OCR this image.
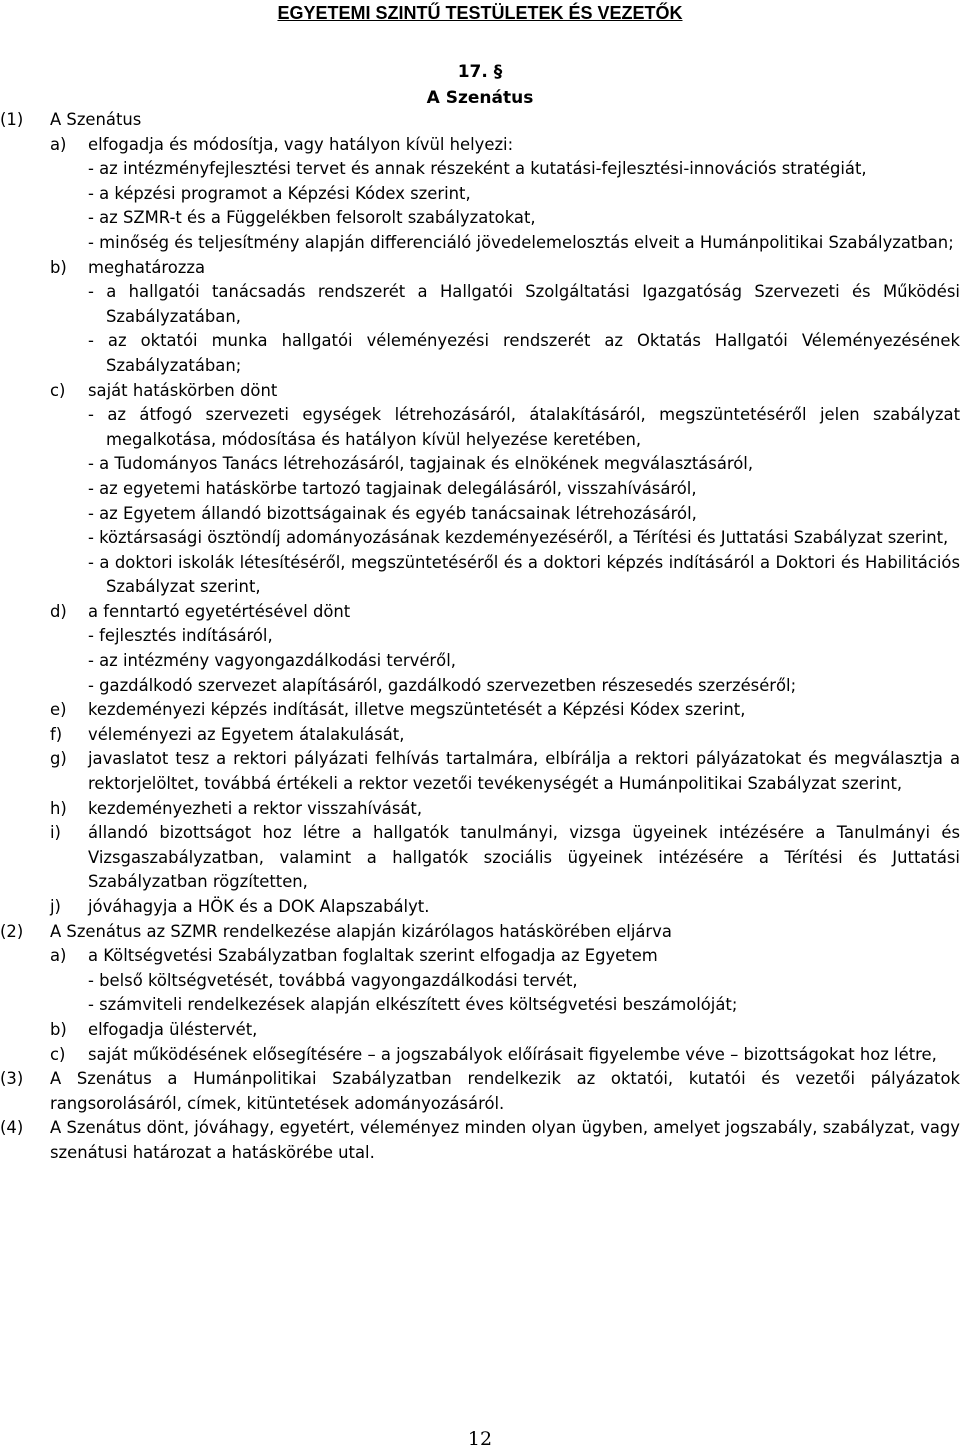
EGYETEMI SZINTŰ TESTÜLETEK ÉS VEZETŐK
17. §
A Szenátus
(1) A Szenátus
a) elfogadja és módosítja, vagy hatályon kívül helyezi:
- az intézményfejlesztési tervet és annak részeként a kutatási-fejlesztési-innovációs stratégiát,
- a képzési programot a Képzési Kódex szerint,
- az SZMR-t és a Függelékben felsorolt szabályzatokat,
- minőség és teljesítmény alapján differenciáló jövedelemelosztás elveit a Humánpolitikai Szabályzatban;
b) meghatározza
- a hallgatói tanácsadás rendszerét a Hallgatói Szolgáltatási Igazgatóság Szervezeti és Működési Szabályzatában,
- az oktatói munka hallgatói véleményezési rendszerét az Oktatás Hallgatói Véleményezésének Szabályzatában;
c) saját hatáskörben dönt
- az átfogó szervezeti egységek létrehozásáról, átalakításáról, megszüntetéséről jelen szabályzat megalkotása, módosítása és hatályon kívül helyezése keretében,
- a Tudományos Tanács létrehozásáról, tagjainak és elnökének megválasztásáról,
- az egyetemi hatáskörbe tartozó tagjainak delegálásáról, visszahívásáról,
- az Egyetem állandó bizottságainak és egyéb tanácsainak létrehozásáról,
- köztársasági ösztöndíj adományozásának kezdeményezéséről, a Térítési és Juttatási Szabályzat szerint,
- a doktori iskolák létesítéséről, megszüntetéséről és a doktori képzés indításáról a Doktori és Habilitációs Szabályzat szerint,
d) a fenntartó egyetértésével dönt
- fejlesztés indításáról,
- az intézmény vagyongazdálkodási tervéről,
- gazdálkodó szervezet alapításáról, gazdálkodó szervezetben részesedés szerzéséről;
e) kezdeményezi képzés indítását, illetve megszüntetését a Képzési Kódex szerint,
f) véleményezi az Egyetem átalakulását,
g) javaslatot tesz a rektori pályázati felhívás tartalmára, elbírálja a rektori pályázatokat és megválasztja a rektorjelöltet, továbbá értékeli a rektor vezetői tevékenységét a Humánpolitikai Szabályzat szerint,
h) kezdeményezheti a rektor visszahívását,
i) állandó bizottságot hoz létre a hallgatók tanulmányi, vizsga ügyeinek intézésére a Tanulmányi és Vizsgaszabályzatban, valamint a hallgatók szociális ügyeinek intézésére a Térítési és Juttatási Szabályzatban rögzítetten,
j) jóváhagyja a HÖK és a DOK Alapszabályt.
(2) A Szenátus az SZMR rendelkezése alapján kizárólagos hatáskörében eljárva
a) a Költségvetési Szabályzatban foglaltak szerint elfogadja az Egyetem
- belső költségvetését, továbbá vagyongazdálkodási tervét,
- számviteli rendelkezések alapján elkészített éves költségvetési beszámolóját;
b) elfogadja üléstervét,
c) saját működésének elősegítésére – a jogszabályok előírásait figyelembe véve – bizottságokat hoz létre,
(3) A Szenátus a Humánpolitikai Szabályzatban rendelkezik az oktatói, kutatói és vezetői pályázatok rangsorolásáról, címek, kitüntetések adományozásáról.
(4) A Szenátus dönt, jóváhagy, egyetért, véleményez minden olyan ügyben, amelyet jogszabály, szabályzat, vagy szenátusi határozat a hatáskörébe utal.
12
